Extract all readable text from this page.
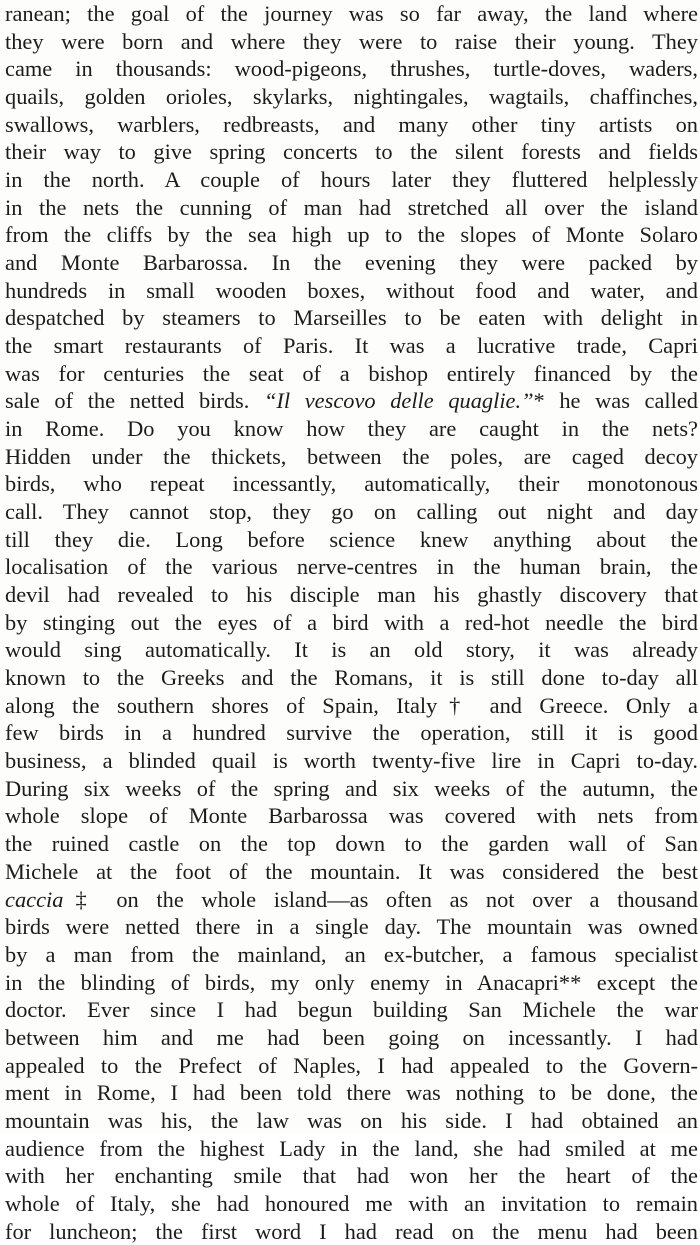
ranean; the goal of the journey was so far away, the land where
they were born and where they were to raise their young. They
came in thousands: wood-pigeons, thrushes, turtle-doves, waders,
quails, golden orioles, skylarks, nightingales, wagtails, chaffinches,
swallows, warblers, redbreasts, and many other tiny artists on
their way to give spring concerts to the silent forests and fields
in the north. A couple of hours later they fluttered helplessly
in the nets the cunning of man had stretched all over the island
from the cliffs by the sea high up to the slopes of Monte Solaro
and Monte Barbarossa. In the evening they were packed by
hundreds in small wooden boxes, without food and water, and
despatched by steamers to Marseilles to be eaten with delight in
the smart restaurants of Paris. It was a lucrative trade, Capri
was for centuries the seat of a bishop entirely financed by the
sale of the netted birds. “Il vescovo delle quaglie.”* he was called
in Rome. Do you know how they are caught in the nets?
Hidden under the thickets, between the poles, are caged decoy
birds, who repeat incessantly, automatically, their monotonous
call. They cannot stop, they go on calling out night and day
till they die. Long before science knew anything about the
localisation of the various nerve-centres in the human brain, the
devil had revealed to his disciple man his ghastly discovery that
by stinging out the eyes of a bird with a red-hot needle the bird
would sing automatically. It is an old story, it was already
known to the Greeks and the Romans, it is still done to-day all
along the southern shores of Spain, Italy† and Greece. Only a
few birds in a hundred survive the operation, still it is good
business, a blinded quail is worth twenty-five lire in Capri to-day.
During six weeks of the spring and six weeks of the autumn, the
whole slope of Monte Barbarossa was covered with nets from
the ruined castle on the top down to the garden wall of San
Michele at the foot of the mountain. It was considered the best
caccia‡ on the whole island—as often as not over a thousand
birds were netted there in a single day. The mountain was owned
by a man from the mainland, an ex-butcher, a famous specialist
in the blinding of birds, my only enemy in Anacapri** except the
doctor. Ever since I had begun building San Michele the war
between him and me had been going on incessantly. I had
appealed to the Prefect of Naples, I had appealed to the Govern-
ment in Rome, I had been told there was nothing to be done, the
mountain was his, the law was on his side. I had obtained an
audience from the highest Lady in the land, she had smiled at me
with her enchanting smile that had won her the heart of the
whole of Italy, she had honoured me with an invitation to remain
for luncheon; the first word I had read on the menu had been
